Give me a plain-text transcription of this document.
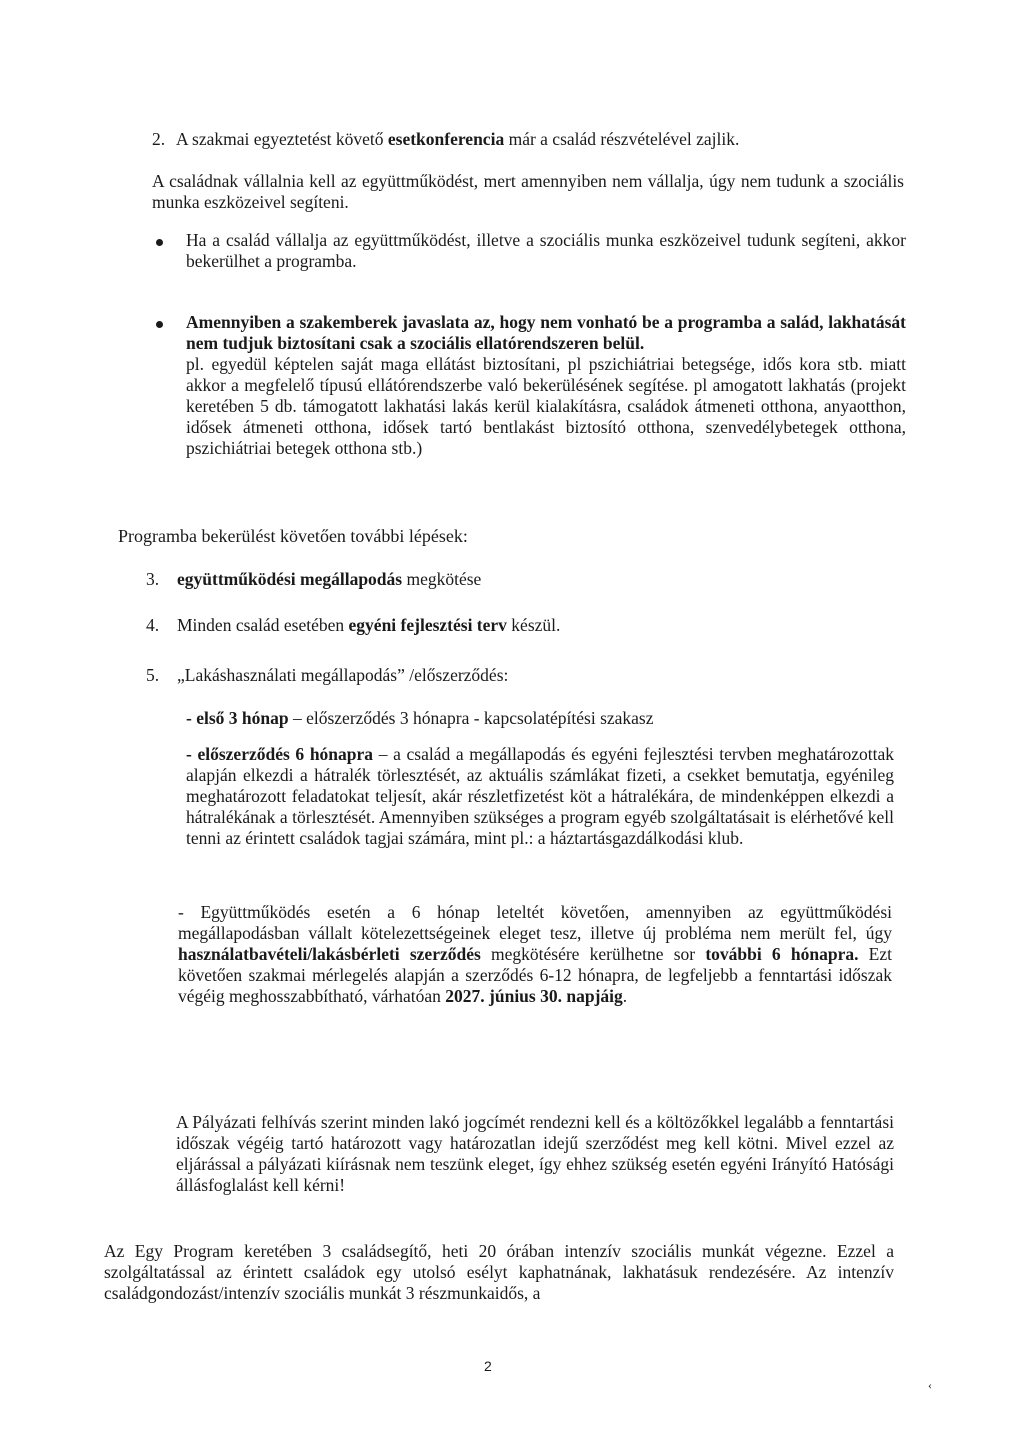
2. A szakmai egyeztetést követő esetkonferencia már a család részvételével zajlik.

A családnak vállalnia kell az együttműködést, mert amennyiben nem vállalja, úgy nem tudunk a szociális munka eszközeivel segíteni.

Ha a család vállalja az együttműködést, illetve a szociális munka eszközeivel tudunk segíteni, akkor bekerülhet a programba.

Amennyiben a szakemberek javaslata az, hogy nem vonható be a programba a salád, lakhatását nem tudjuk biztosítani csak a szociális ellatórendszeren belül.
pl. egyedül képtelen saját maga ellátást biztosítani, pl pszichiátriai betegsége, idős kora stb. miatt akkor a megfelelő típusú ellátórendszerbe való bekerülésének segítése. pl amogatott lakhatás (projekt keretében 5 db. támogatott lakhatási lakás kerül kialakításra, családok átmeneti otthona, anyaotthon, idősek átmeneti otthona, idősek tartó bentlakást biztosító otthona, szenvedélybetegek otthona, pszichiátriai betegek otthona stb.)

Programba bekerülést követően további lépések:

3. együttműködési megállapodás megkötése

4. Minden család esetében egyéni fejlesztési terv készül.

5. „Lakáshasználati megállapodás” /előszerződés:

- első 3 hónap – előszerződés 3 hónapra - kapcsolatépítési szakasz

- előszerződés 6 hónapra – a család a megállapodás és egyéni fejlesztési tervben meghatározottak alapján elkezdi a hátralék törlesztését, az aktuális számlákat fizeti, a csekket bemutatja, egyénileg meghatározott feladatokat teljesít, akár részletfizetést köt a hátralékára, de mindenképpen elkezdi a hátralékának a törlesztését. Amennyiben szükséges a program egyéb szolgáltatásait is elérhetővé kell tenni az érintett családok tagjai számára, mint pl.: a háztartásgazdálkodási klub.

- Együttműködés esetén a 6 hónap leteltét követően, amennyiben az együttműködési megállapodásban vállalt kötelezettségeinek eleget tesz, illetve új probléma nem merült fel, úgy használatbavételi/lakásbérleti szerződés megkötésére kerülhetne sor további 6 hónapra. Ezt követően szakmai mérlegelés alapján a szerződés 6-12 hónapra, de legfeljebb a fenntartási időszak végéig meghosszabbítható, várhatóan 2027. június 30. napjáig.

A Pályázati felhívás szerint minden lakó jogcímét rendezni kell és a költözőkkel legalább a fenntartási időszak végéig tartó határozott vagy határozatlan idejű szerződést meg kell kötni. Mivel ezzel az eljárással a pályázati kiírásnak nem teszünk eleget, így ehhez szükség esetén egyéni Irányító Hatósági állásfoglalást kell kérni!

Az Egy Program keretében 3 családsegítő, heti 20 órában intenzív szociális munkát végezne. Ezzel a szolgáltatással az érintett családok egy utolsó esélyt kaphatnának, lakhatásuk rendezésére. Az intenzív családgondozást/intenzív szociális munkát 3 részmunkaidős, a

2
‹
